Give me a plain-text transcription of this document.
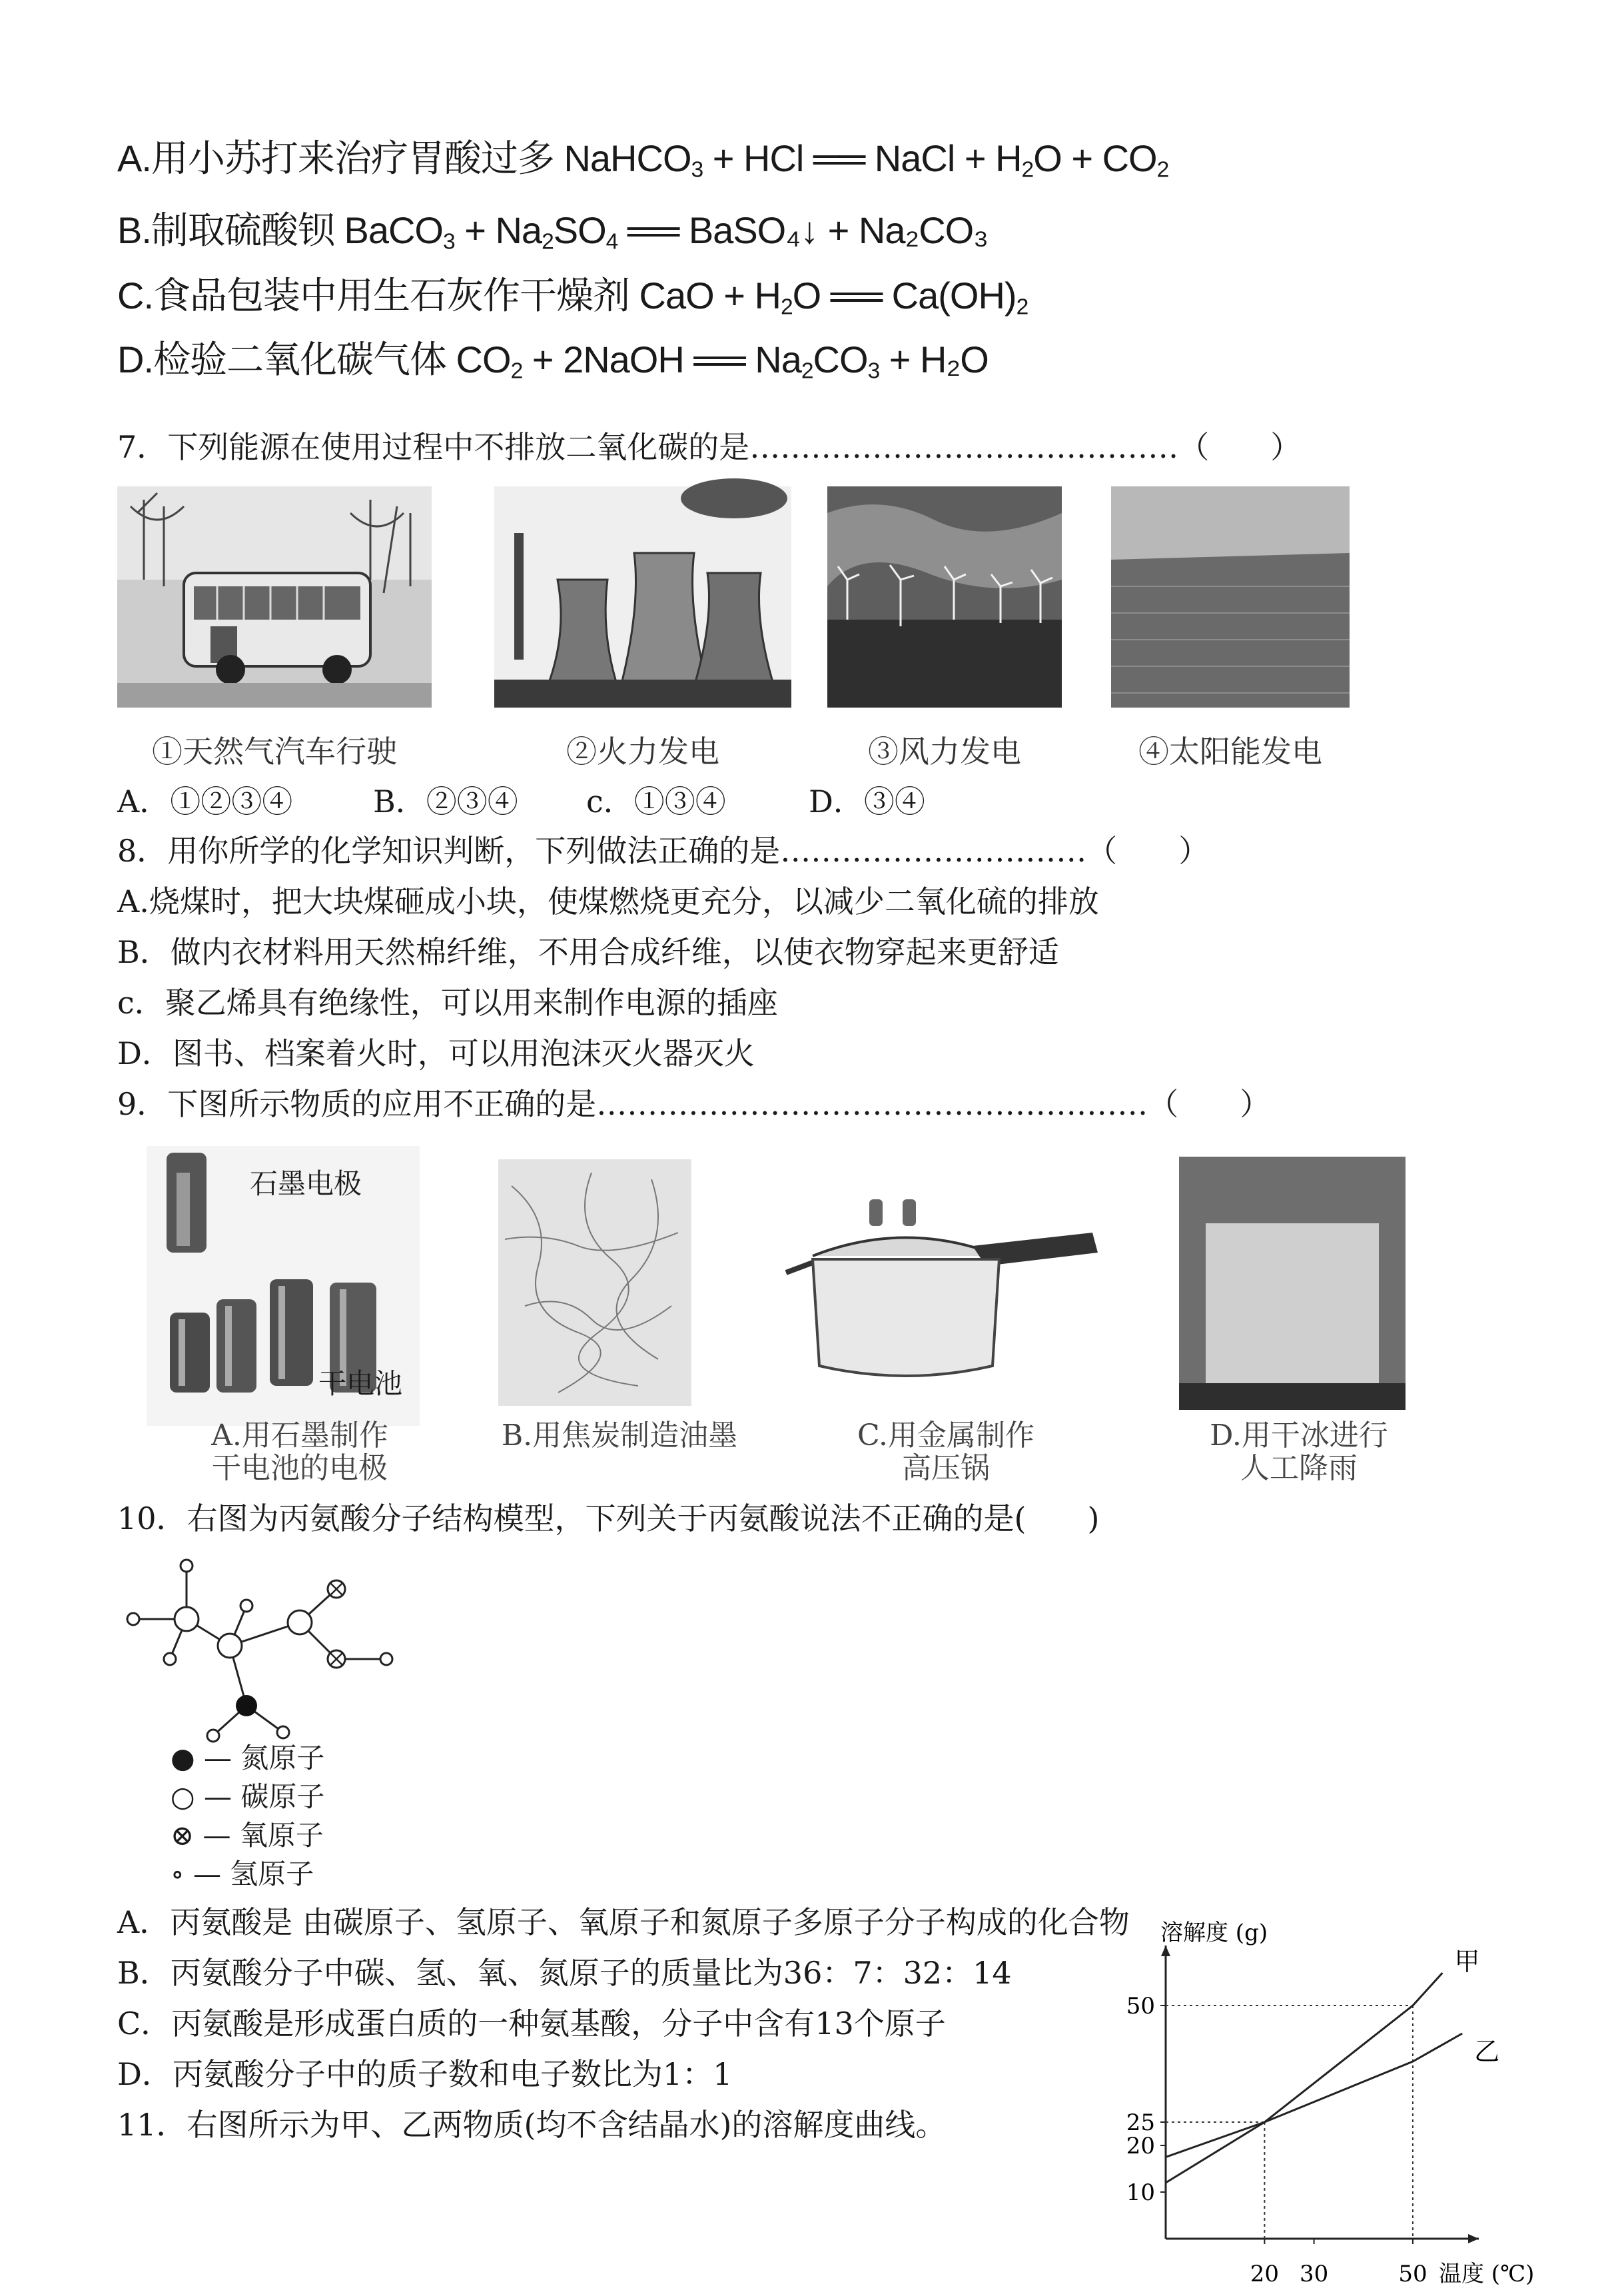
A.用小苏打来治疗胃酸过多 NaHCO$_3$ + HCl ══ NaCl + $H_2O + CO_2$
B.制取硫酸钡 BaCO$_3$ + $Na_2SO_4$ ══ BaSO₄↓ + Na₂CO₃
C.食品包装中用生石灰作干燥剂 CaO + $H_2O$ ══ $Ca(OH)_2$
D.检验二氧化碳气体 $CO_2$ + 2NaOH ══ $Na_2CO_3 + H_2O$
7．下列能源在使用过程中不排放二氧化碳的是……………………………………（　　）
①天然气汽车行驶	②火力发电	③风力发电	④太阳能发电
A．①②③④	B．②③④ c．①③④	D．③④
8．用你所学的化学知识判断，下列做法正确的是…………………………（　　）
A.烧煤时，把大块煤砸成小块，使煤燃烧更充分，以减少二氧化硫的排放
B．做内衣材料用天然棉纤维，不用合成纤维，以使衣物穿起来更舒适
c．聚乙烯具有绝缘性，可以用来制作电源的插座
D．图书、档案着火时，可以用泡沫灭火器灭火
9．下图所示物质的应用不正确的是………………………………………………（　　）
石墨电极
干电池
A.用石墨制作
干电池的电极
B.用焦炭制造油墨	C.用金属制作
高压锅
D.用干冰进行
人工降雨
10．右图为丙氨酸分子结构模型，下列关于丙氨酸说法不正确的是(　　)
● — 氮原子
○ — 碳原子
⊗ — 氧原子
∘ — 氢原子
A．丙氨酸是 由碳原子、氢原子、氧原子和氮原子多原子分子构成的化合物
B．丙氨酸分子中碳、氢、氧、氮原子的质量比为36：7：32：14
C．丙氨酸是形成蛋白质的一种氨基酸，分子中含有13个原子
D．丙氨酸分子中的质子数和电子数比为1：1
11．右图所示为甲、乙两物质(均不含结晶水)的溶解度曲线。
溶解度 (g)
温度 (℃)
10
20
25
50
20 30	50
甲
乙
